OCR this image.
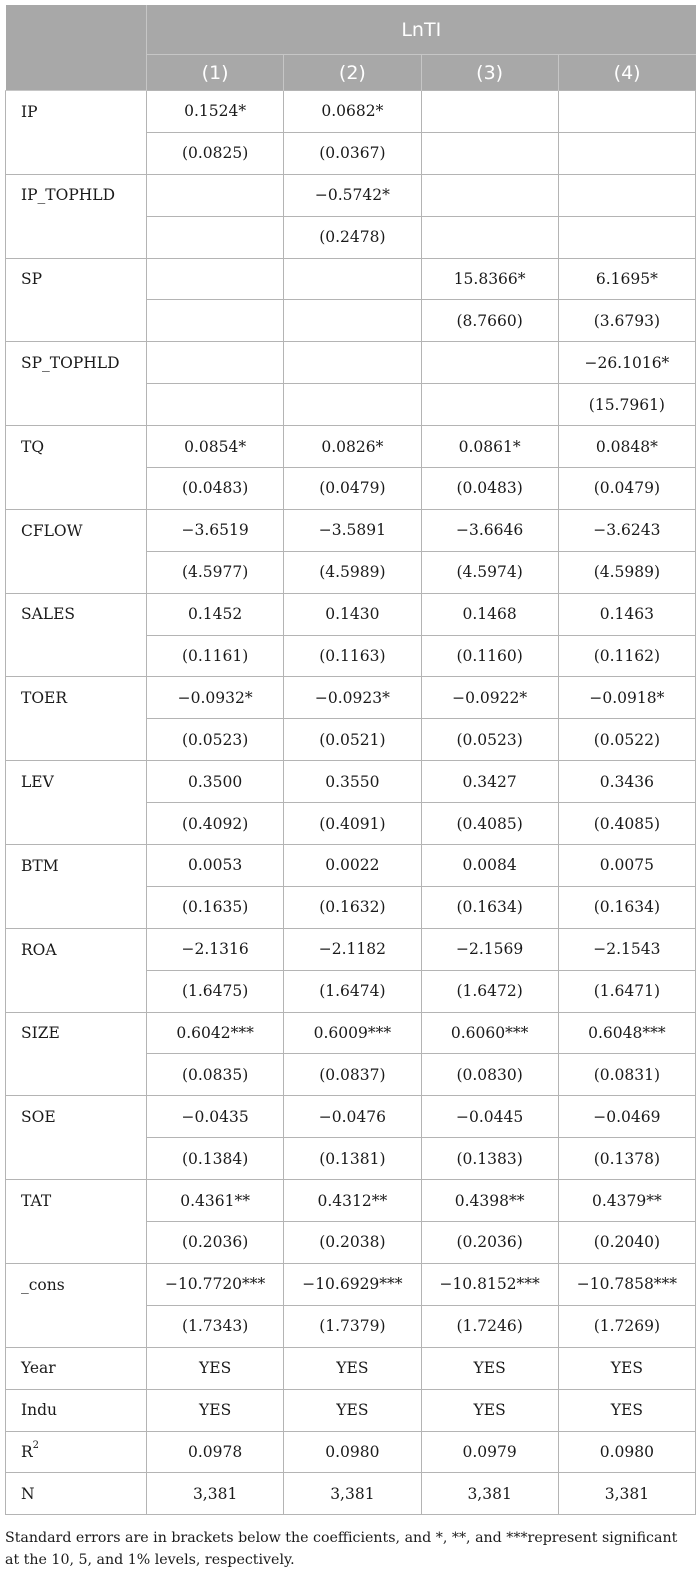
	LnTI			
	(1)	(2)	(3)	(4)
IP	0.1524*	0.0682*		
	(0.0825)	(0.0367)		
IP_TOPHLD		−0.5742*		
		(0.2478)		
SP			15.8366*	6.1695*
			(8.7660)	(3.6793)
SP_TOPHLD				−26.1016*
				(15.7961)
TQ	0.0854*	0.0826*	0.0861*	0.0848*
	(0.0483)	(0.0479)	(0.0483)	(0.0479)
CFLOW	−3.6519	−3.5891	−3.6646	−3.6243
	(4.5977)	(4.5989)	(4.5974)	(4.5989)
SALES	0.1452	0.1430	0.1468	0.1463
	(0.1161)	(0.1163)	(0.1160)	(0.1162)
TOER	−0.0932*	−0.0923*	−0.0922*	−0.0918*
	(0.0523)	(0.0521)	(0.0523)	(0.0522)
LEV	0.3500	0.3550	0.3427	0.3436
	(0.4092)	(0.4091)	(0.4085)	(0.4085)
BTM	0.0053	0.0022	0.0084	0.0075
	(0.1635)	(0.1632)	(0.1634)	(0.1634)
ROA	−2.1316	−2.1182	−2.1569	−2.1543
	(1.6475)	(1.6474)	(1.6472)	(1.6471)
SIZE	0.6042***	0.6009***	0.6060***	0.6048***
	(0.0835)	(0.0837)	(0.0830)	(0.0831)
SOE	−0.0435	−0.0476	−0.0445	−0.0469
	(0.1384)	(0.1381)	(0.1383)	(0.1378)
TAT	0.4361**	0.4312**	0.4398**	0.4379**
	(0.2036)	(0.2038)	(0.2036)	(0.2040)
_cons	−10.7720***	−10.6929***	−10.8152***	−10.7858***
	(1.7343)	(1.7379)	(1.7246)	(1.7269)
Year	YES	YES	YES	YES
Indu	YES	YES	YES	YES
$R^2$	0.0978	0.0980	0.0979	0.0980
N	3,381	3,381	3,381	3,381
Standard errors are in brackets below the coefficients, and *, **, and ***represent significant at the 10, 5, and 1% levels, respectively.
